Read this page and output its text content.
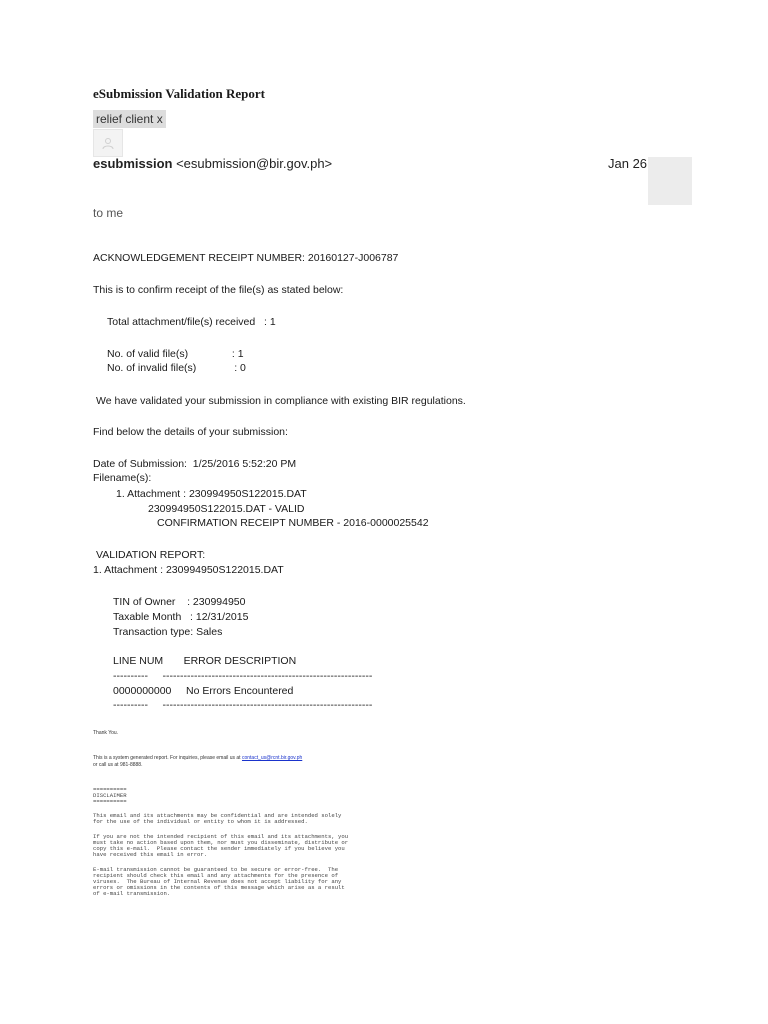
eSubmission Validation Report
relief client x

esubmission <esubmission@bir.gov.ph>	Jan 26
to me
ACKNOWLEDGEMENT RECEIPT NUMBER: 20160127-J006787
This is to confirm receipt of the file(s) as stated below:
Total attachment/file(s) received   : 1
No. of valid file(s)               : 1
No. of invalid file(s)             : 0
We have validated your submission in compliance with existing BIR regulations.
Find below the details of your submission:
Date of Submission:  1/25/2016 5:52:20 PM
Filename(s):
1. Attachment : 230994950S122015.DAT
230994950S122015.DAT - VALID
CONFIRMATION RECEIPT NUMBER - 2016-0000025542
VALIDATION REPORT:
1. Attachment : 230994950S122015.DAT
TIN of Owner    : 230994950
Taxable Month   : 12/31/2015
Transaction type: Sales
LINE NUM       ERROR DESCRIPTION
----------     ------------------------------------------------------------
0000000000     No Errors Encountered
----------     ------------------------------------------------------------
Thank You.
This is a system generated report. For inquiries, please email us at contact_us@rcnt.bir.gov.ph
or call us at 981-8888.
==========
DISCLAIMER
==========
This email and its attachments may be confidential and are intended solely
for the use of the individual or entity to whom it is addressed.
If you are not the intended recipient of this email and its attachments, you
must take no action based upon them, nor must you disseminate, distribute or
copy this e-mail.  Please contact the sender immediately if you believe you
have received this email in error.
E-mail transmission cannot be guaranteed to be secure or error-free.  The
recipient should check this email and any attachments for the presence of
viruses.  The Bureau of Internal Revenue does not accept liability for any
errors or omissions in the contents of this message which arise as a result
of e-mail transmission.
